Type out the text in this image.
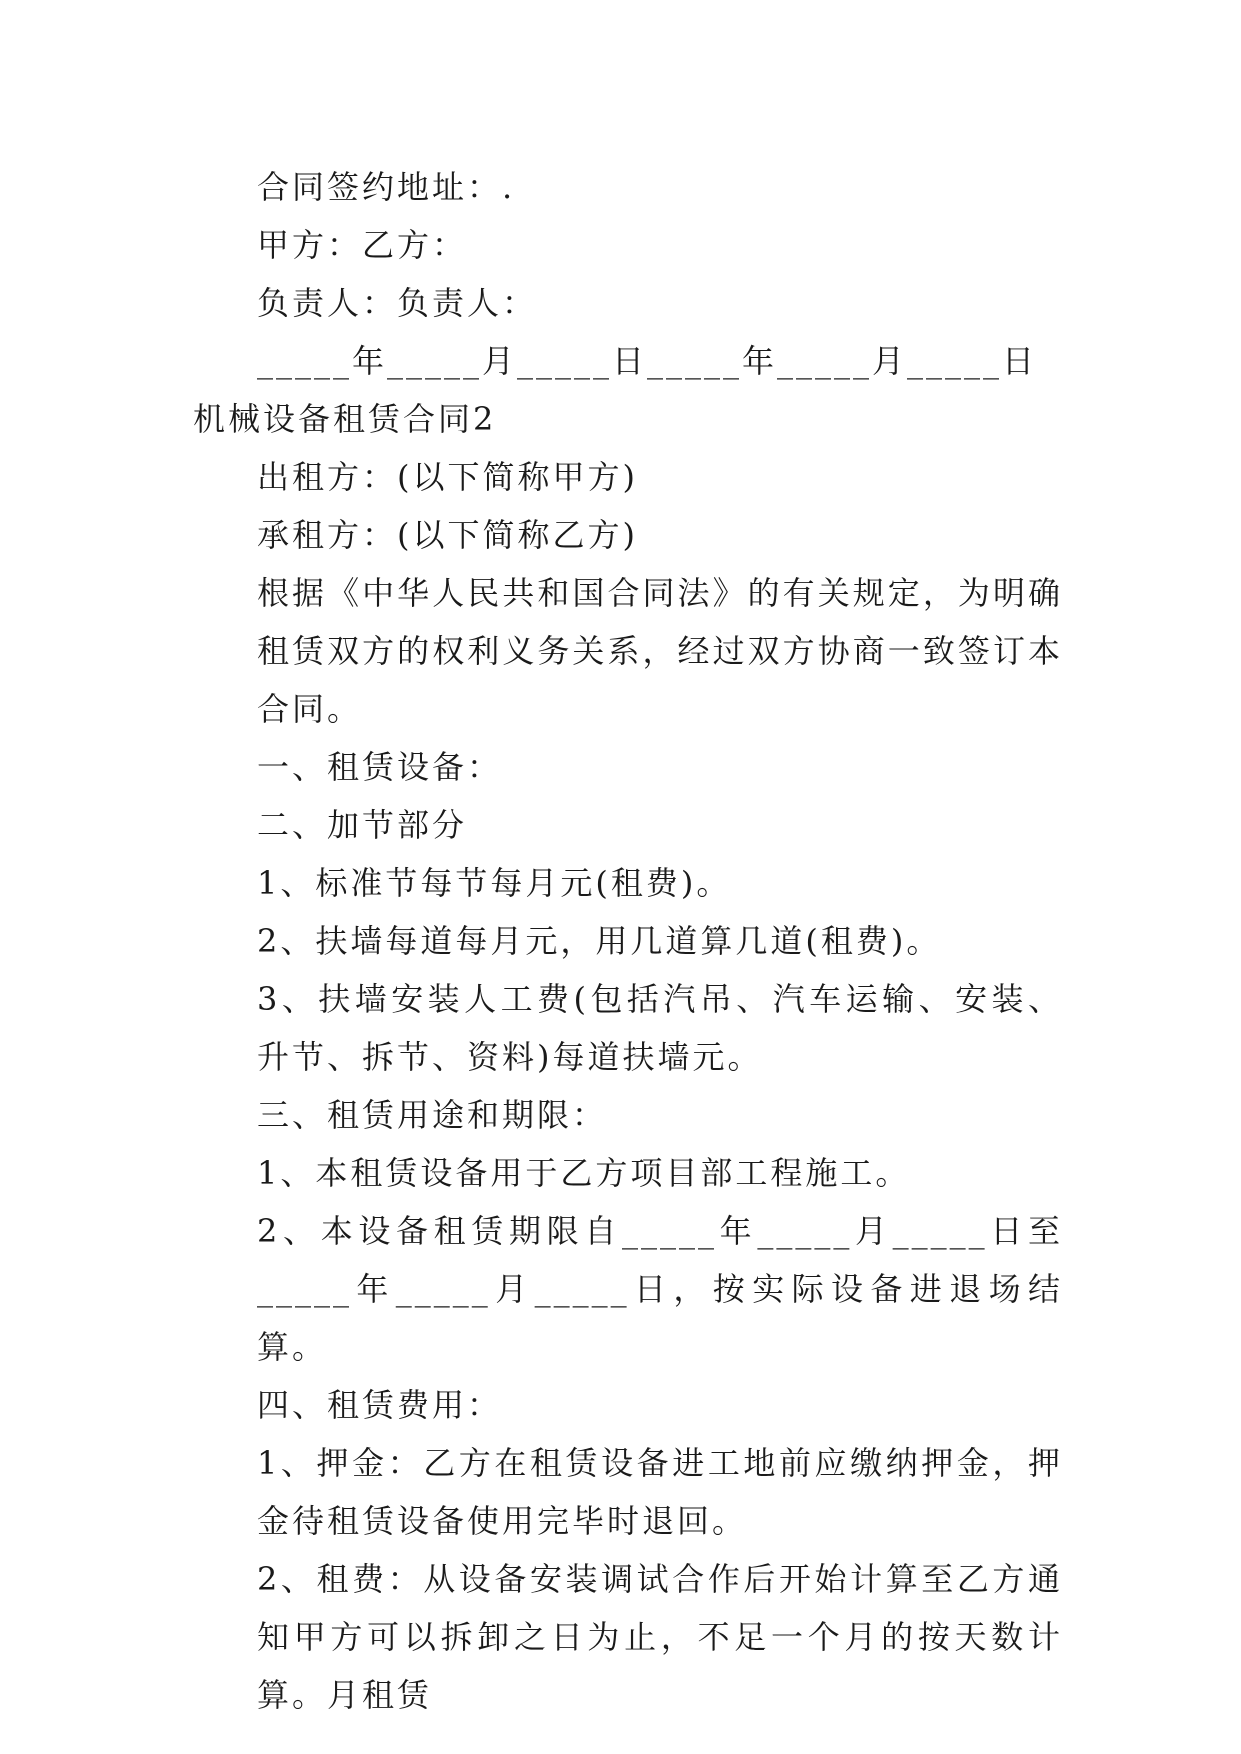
合同签约地址：.

甲方：乙方：

负责人：负责人：

_____年_____月_____日_____年_____月_____日

机械设备租赁合同2

出租方：(以下简称甲方)

承租方：(以下简称乙方)

根据《中华人民共和国合同法》的有关规定，为明确租赁双方的权利义务关系，经过双方协商一致签订本合同。

一、租赁设备：

二、加节部分

1、标准节每节每月元(租费)。

2、扶墙每道每月元，用几道算几道(租费)。

3、扶墙安装人工费(包括汽吊、汽车运输、安装、升节、拆节、资料)每道扶墙元。

三、租赁用途和期限：

1、本租赁设备用于乙方项目部工程施工。

2、本设备租赁期限自_____年_____月_____日至_____年_____月_____日，按实际设备进退场结算。

四、租赁费用：

1、押金：乙方在租赁设备进工地前应缴纳押金，押金待租赁设备使用完毕时退回。

2、租费：从设备安装调试合作后开始计算至乙方通知甲方可以拆卸之日为止，不足一个月的按天数计算。月租赁
